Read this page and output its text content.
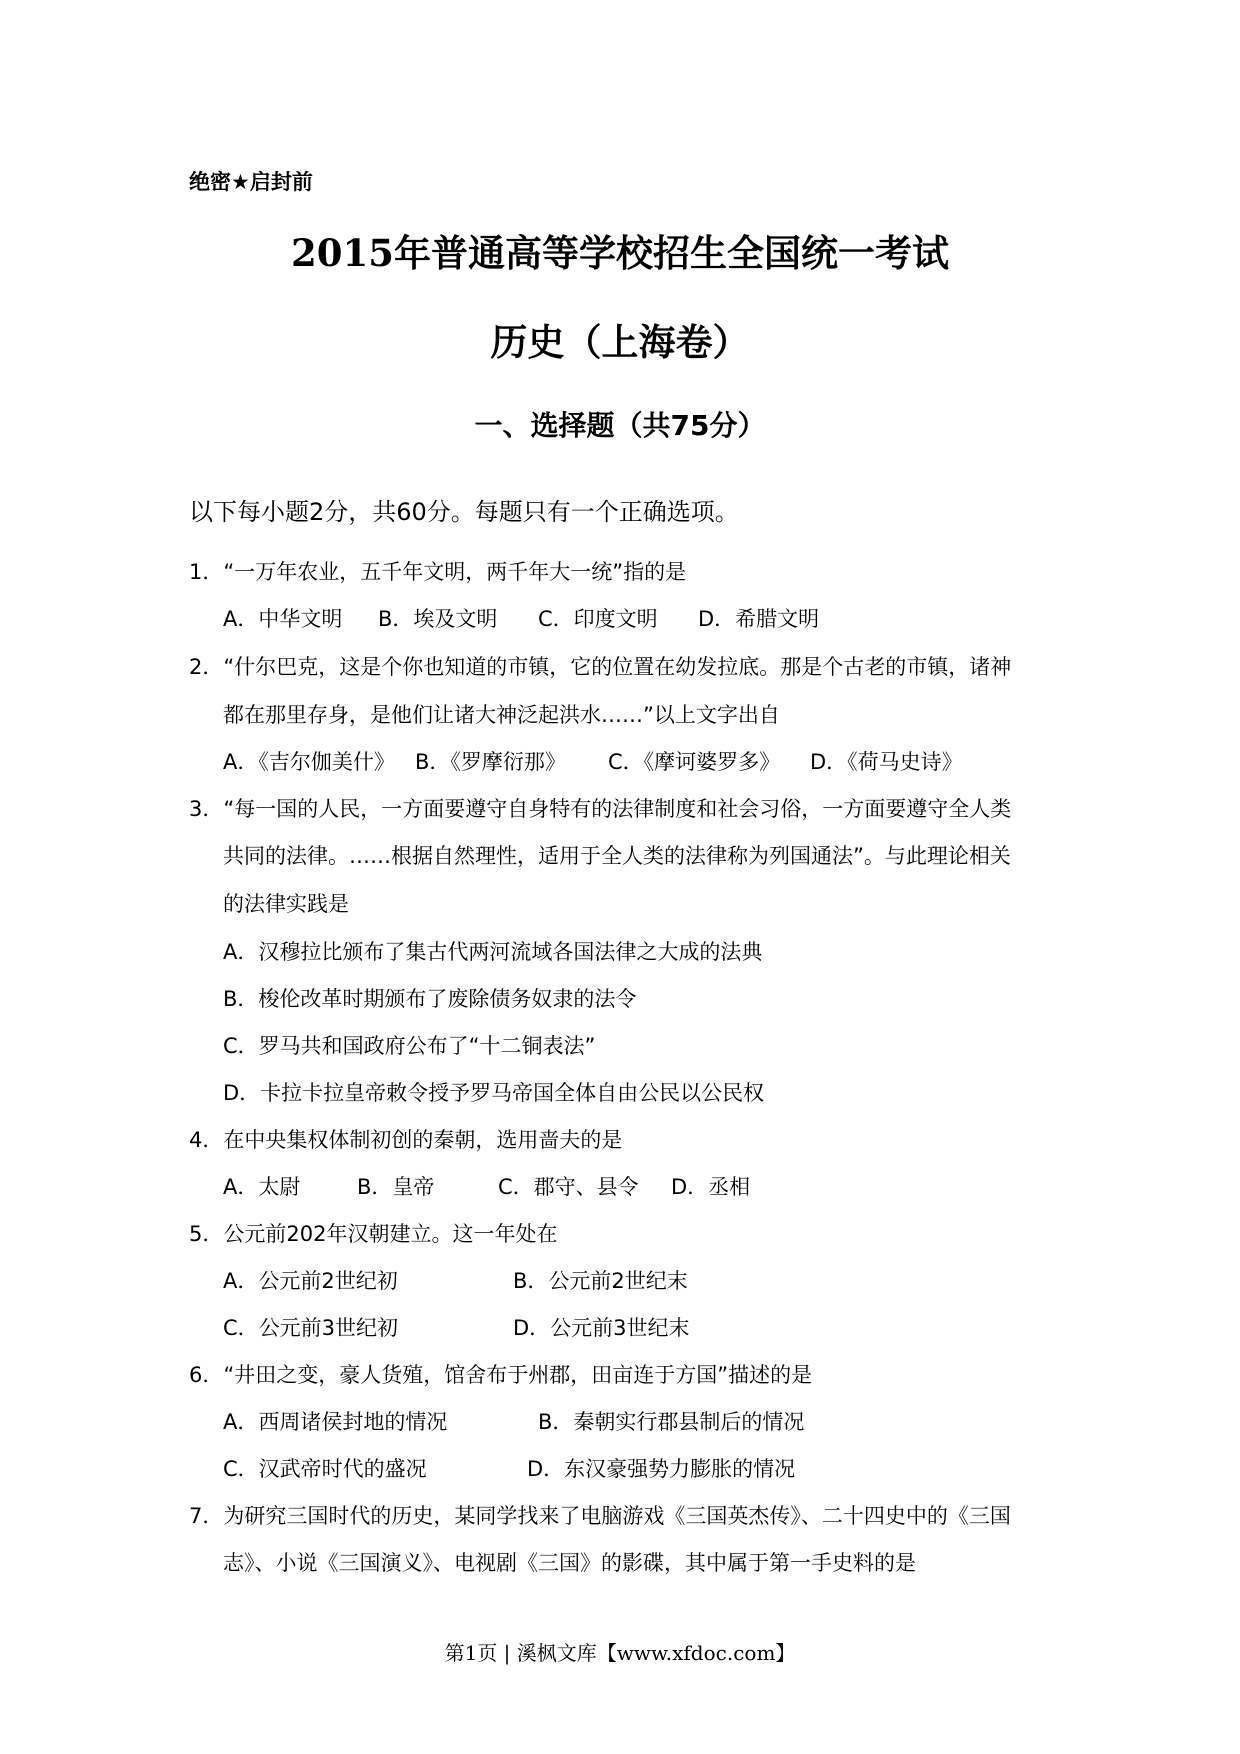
绝密★启封前
2015年普通高等学校招生全国统一考试
历史（上海卷）
一、选择题（共75分）
以下每小题2分，共60分。每题只有一个正确选项。
1．“一万年农业，五千年文明，两千年大一统”指的是
A．中华文明 B．埃及文明 C．印度文明 D．希腊文明
2．“什尔巴克，这是个你也知道的市镇，它的位置在幼发拉底。那是个古老的市镇，诸神
都在那里存身，是他们让诸大神泛起洪水……”以上文字出自
A．《吉尔伽美什》 B．《罗摩衍那》 C．《摩诃婆罗多》 D．《荷马史诗》
3．“每一国的人民，一方面要遵守自身特有的法律制度和社会习俗，一方面要遵守全人类
共同的法律。……根据自然理性，适用于全人类的法律称为列国通法”。与此理论相关
的法律实践是
A．汉穆拉比颁布了集古代两河流域各国法律之大成的法典
B．梭伦改革时期颁布了废除债务奴隶的法令
C．罗马共和国政府公布了“十二铜表法”
D．卡拉卡拉皇帝敕令授予罗马帝国全体自由公民以公民权
4．在中央集权体制初创的秦朝，选用啬夫的是
A．太尉	B．皇帝	C．郡守、县令 D．丞相
5．公元前202年汉朝建立。这一年处在
A．公元前2世纪初	B．公元前2世纪末
C．公元前3世纪初	D．公元前3世纪末
6．“井田之变，豪人货殖，馆舍布于州郡，田亩连于方国”描述的是
A．西周诸侯封地的情况	B．秦朝实行郡县制后的情况
C．汉武帝时代的盛况	D．东汉豪强势力膨胀的情况
7．为研究三国时代的历史，某同学找来了电脑游戏《三国英杰传》、二十四史中的《三国
志》、小说《三国演义》、电视剧《三国》的影碟，其中属于第一手史料的是
第1页 | 溪枫文库【www.xfdoc.com】
